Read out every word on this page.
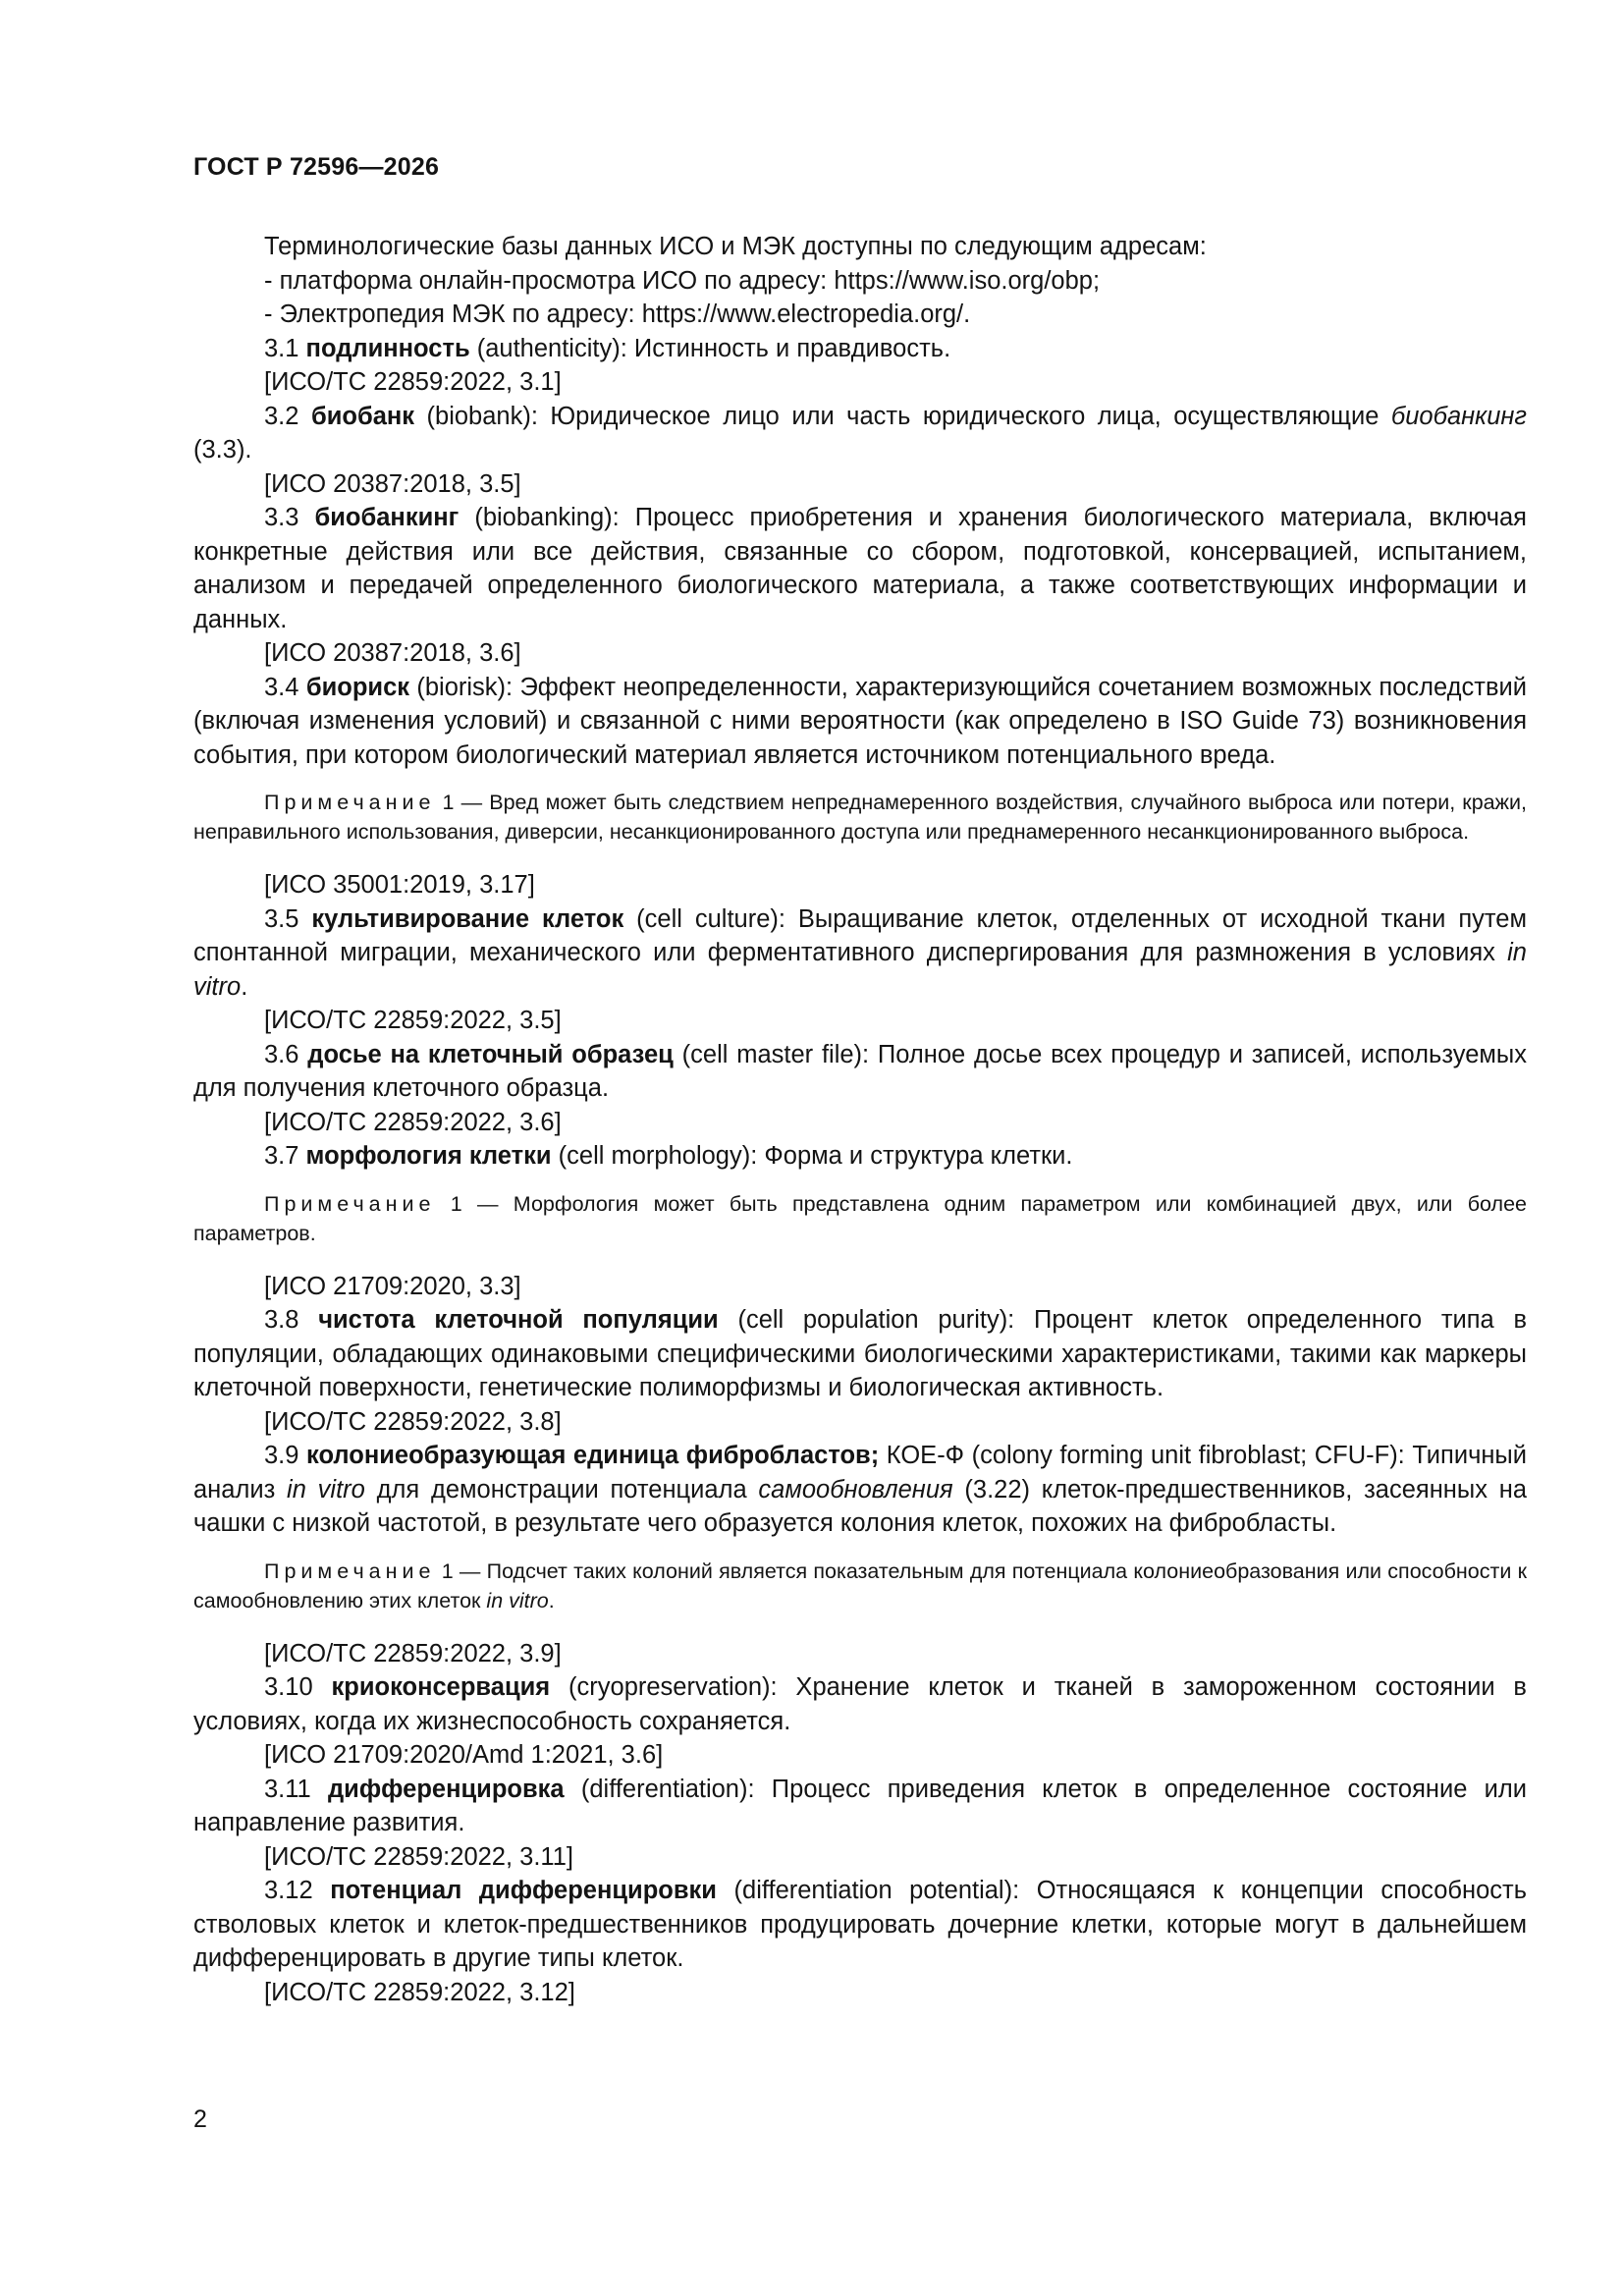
ГОСТ Р 72596—2026

Терминологические базы данных ИСО и МЭК доступны по следующим адресам:

- платформа онлайн-просмотра ИСО по адресу: https://www.iso.org/obp;

- Электропедия МЭК по адресу: https://www.electropedia.org/.

3.1 подлинность (authenticity): Истинность и правдивость.

[ИСО/ТС 22859:2022, 3.1]

3.2 биобанк (biobank): Юридическое лицо или часть юридического лица, осуществляющие биобанкинг (3.3).

[ИСО 20387:2018, 3.5]

3.3 биобанкинг (biobanking): Процесс приобретения и хранения биологического материала, включая конкретные действия или все действия, связанные со сбором, подготовкой, консервацией, испытанием, анализом и передачей определенного биологического материала, а также соответствующих информации и данных.

[ИСО 20387:2018, 3.6]

3.4 биориск (biorisk): Эффект неопределенности, характеризующийся сочетанием возможных последствий (включая изменения условий) и связанной с ними вероятности (как определено в ISO Guide 73) возникновения события, при котором биологический материал является источником потенциального вреда.

Примечание 1 — Вред может быть следствием непреднамеренного воздействия, случайного выброса или потери, кражи, неправильного использования, диверсии, несанкционированного доступа или преднамеренного несанкционированного выброса.

[ИСО 35001:2019, 3.17]

3.5 культивирование клеток (cell culture): Выращивание клеток, отделенных от исходной ткани путем спонтанной миграции, механического или ферментативного диспергирования для размножения в условиях in vitro.

[ИСО/ТС 22859:2022, 3.5]

3.6 досье на клеточный образец (cell master file): Полное досье всех процедур и записей, используемых для получения клеточного образца.

[ИСО/ТС 22859:2022, 3.6]

3.7 морфология клетки (cell morphology): Форма и структура клетки.

Примечание 1 — Морфология может быть представлена одним параметром или комбинацией двух, или более параметров.

[ИСО 21709:2020, 3.3]

3.8 чистота клеточной популяции (cell population purity): Процент клеток определенного типа в популяции, обладающих одинаковыми специфическими биологическими характеристиками, такими как маркеры клеточной поверхности, генетические полиморфизмы и биологическая активность.

[ИСО/ТС 22859:2022, 3.8]

3.9 колониеобразующая единица фибробластов; КОЕ-Ф (colony forming unit fibroblast; CFU-F): Типичный анализ in vitro для демонстрации потенциала самообновления (3.22) клеток-предшественников, засеянных на чашки с низкой частотой, в результате чего образуется колония клеток, похожих на фибробласты.

Примечание 1 — Подсчет таких колоний является показательным для потенциала колониеобразования или способности к самообновлению этих клеток in vitro.

[ИСО/ТС 22859:2022, 3.9]

3.10 криоконсервация (cryopreservation): Хранение клеток и тканей в замороженном состоянии в условиях, когда их жизнеспособность сохраняется.

[ИСО 21709:2020/Amd 1:2021, 3.6]

3.11 дифференцировка (differentiation): Процесс приведения клеток в определенное состояние или направление развития.

[ИСО/ТС 22859:2022, 3.11]

3.12 потенциал дифференцировки (differentiation potential): Относящаяся к концепции способность стволовых клеток и клеток-предшественников продуцировать дочерние клетки, которые могут в дальнейшем дифференцировать в другие типы клеток.

[ИСО/ТС 22859:2022, 3.12]

2
